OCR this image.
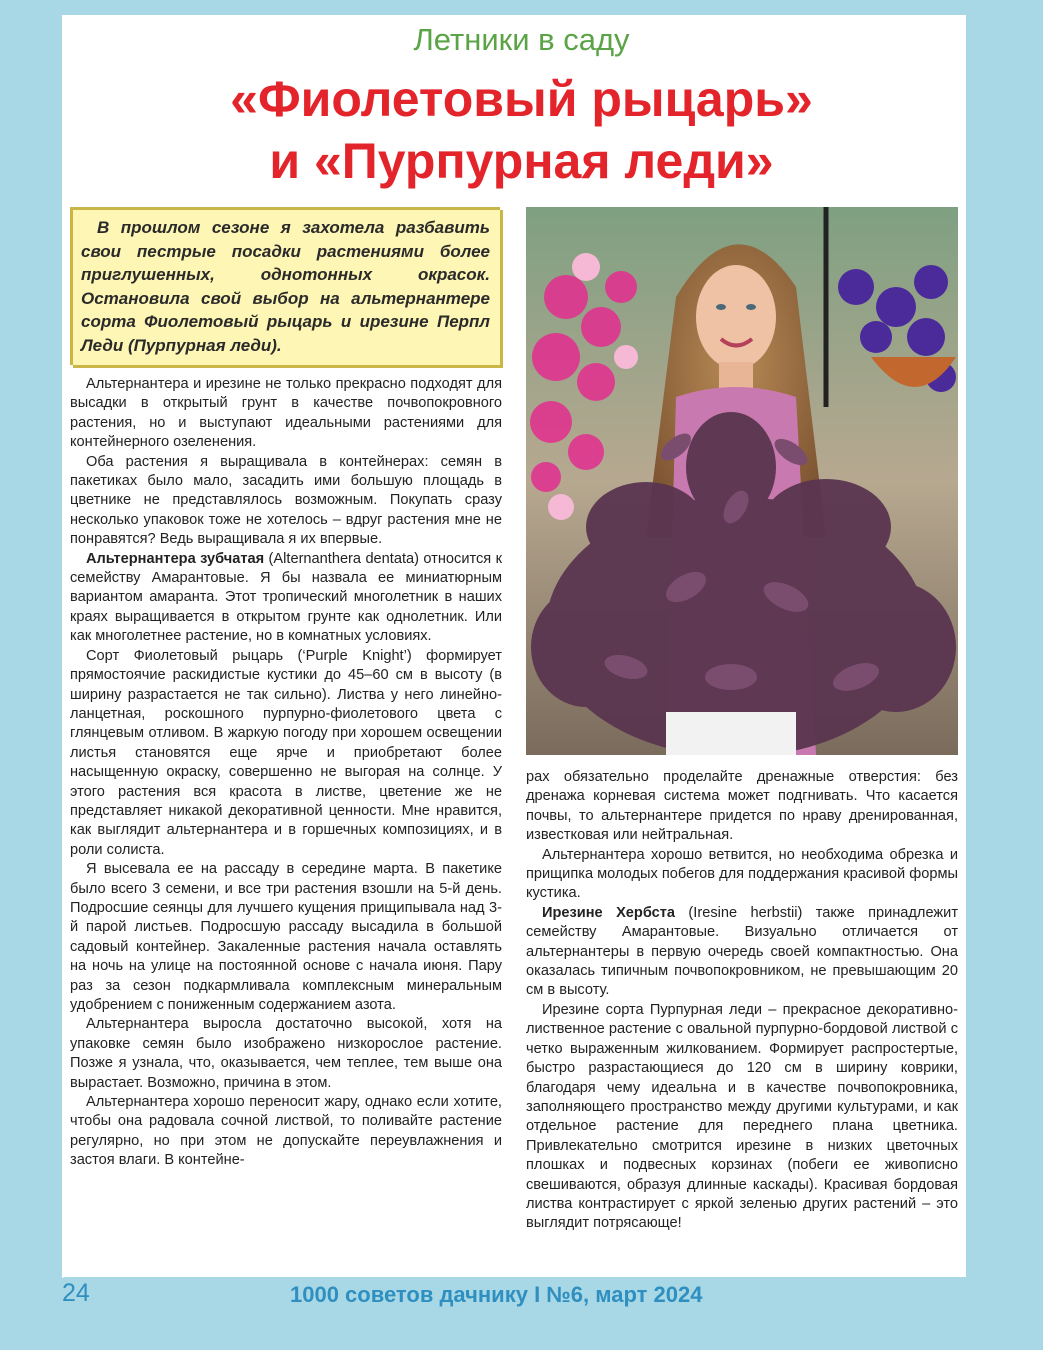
Летники в саду
«Фиолетовый рыцарь»
и «Пурпурная леди»

В прошлом сезоне я захотела разбавить свои пестрые посадки растениями более приглушенных, однотонных окрасок. Остановила свой выбор на альтернантере сорта Фиолетовый рыцарь и ирезине Перпл Леди (Пурпурная леди).

Альтернантера и ирезине не только прекрасно подходят для высадки в открытый грунт в качестве почвопокровного растения, но и выступают идеальными растениями для контейнерного озеленения.

Оба растения я выращивала в контейнерах: семян в пакетиках было мало, засадить ими большую площадь в цветнике не представлялось возможным. Покупать сразу несколько упаковок тоже не хотелось – вдруг растения мне не понравятся? Ведь выращивала я их впервые.

Альтернантера зубчатая (Alternanthera dentata) относится к семейству Амарантовые. Я бы назвала ее миниатюрным вариантом амаранта. Этот тропический многолетник в наших краях выращивается в открытом грунте как однолетник. Или как многолетнее растение, но в комнатных условиях.

Сорт Фиолетовый рыцарь (‘Purple Knight’) формирует прямостоячие раскидистые кустики до 45–60 см в высоту (в ширину разрастается не так сильно). Листва у него линейно-ланцетная, роскошного пурпурно-фиолетового цвета с глянцевым отливом. В жаркую погоду при хорошем освещении листья становятся еще ярче и приобретают более насыщенную окраску, совершенно не выгорая на солнце. У этого растения вся красота в листве, цветение же не представляет никакой декоративной ценности. Мне нравится, как выглядит альтернантера и в горшечных композициях, и в роли солиста.

Я высевала ее на рассаду в середине марта. В пакетике было всего 3 семени, и все три растения взошли на 5-й день. Подросшие сеянцы для лучшего кущения прищипывала над 3-й парой листьев. Подросшую рассаду высадила в большой садовый контейнер. Закаленные растения начала оставлять на ночь на улице на постоянной основе с начала июня. Пару раз за сезон подкармливала комплексным минеральным удобрением с пониженным содержанием азота.

Альтернантера выросла достаточно высокой, хотя на упаковке семян было изображено низкорослое растение. Позже я узнала, что, оказывается, чем теплее, тем выше она вырастает. Возможно, причина в этом.

Альтернантера хорошо переносит жару, однако если хотите, чтобы она радовала сочной листвой, то поливайте растение регулярно, но при этом не допускайте переувлажнения и застоя влаги. В контейне-

рах обязательно проделайте дренажные отверстия: без дренажа корневая система может подгнивать. Что касается почвы, то альтернантере придется по нраву дренированная, известковая или нейтральная.

Альтернантера хорошо ветвится, но необходима обрезка и прищипка молодых побегов для поддержания красивой формы кустика.

Ирезине Хербста (Iresine herbstii) также принадлежит семейству Амарантовые. Визуально отличается от альтернантеры в первую очередь своей компактностью. Она оказалась типичным почвопокровником, не превышающим 20 см в высоту.

Ирезине сорта Пурпурная леди – прекрасное декоративно-лиственное растение с овальной пурпурно-бордовой листвой с четко выраженным жилкованием. Формирует распростертые, быстро разрастающиеся до 120 см в ширину коврики, благодаря чему идеальна и в качестве почвопокровника, заполняющего пространство между другими культурами, и как отдельное растение для переднего плана цветника. Привлекательно смотрится ирезине в низких цветочных плошках и подвесных корзинах (побеги ее живописно свешиваются, образуя длинные каскады). Красивая бордовая листва контрастирует с яркой зеленью других растений – это выглядит потрясающе!

24	1000 советов дачнику I №6, март 2024
